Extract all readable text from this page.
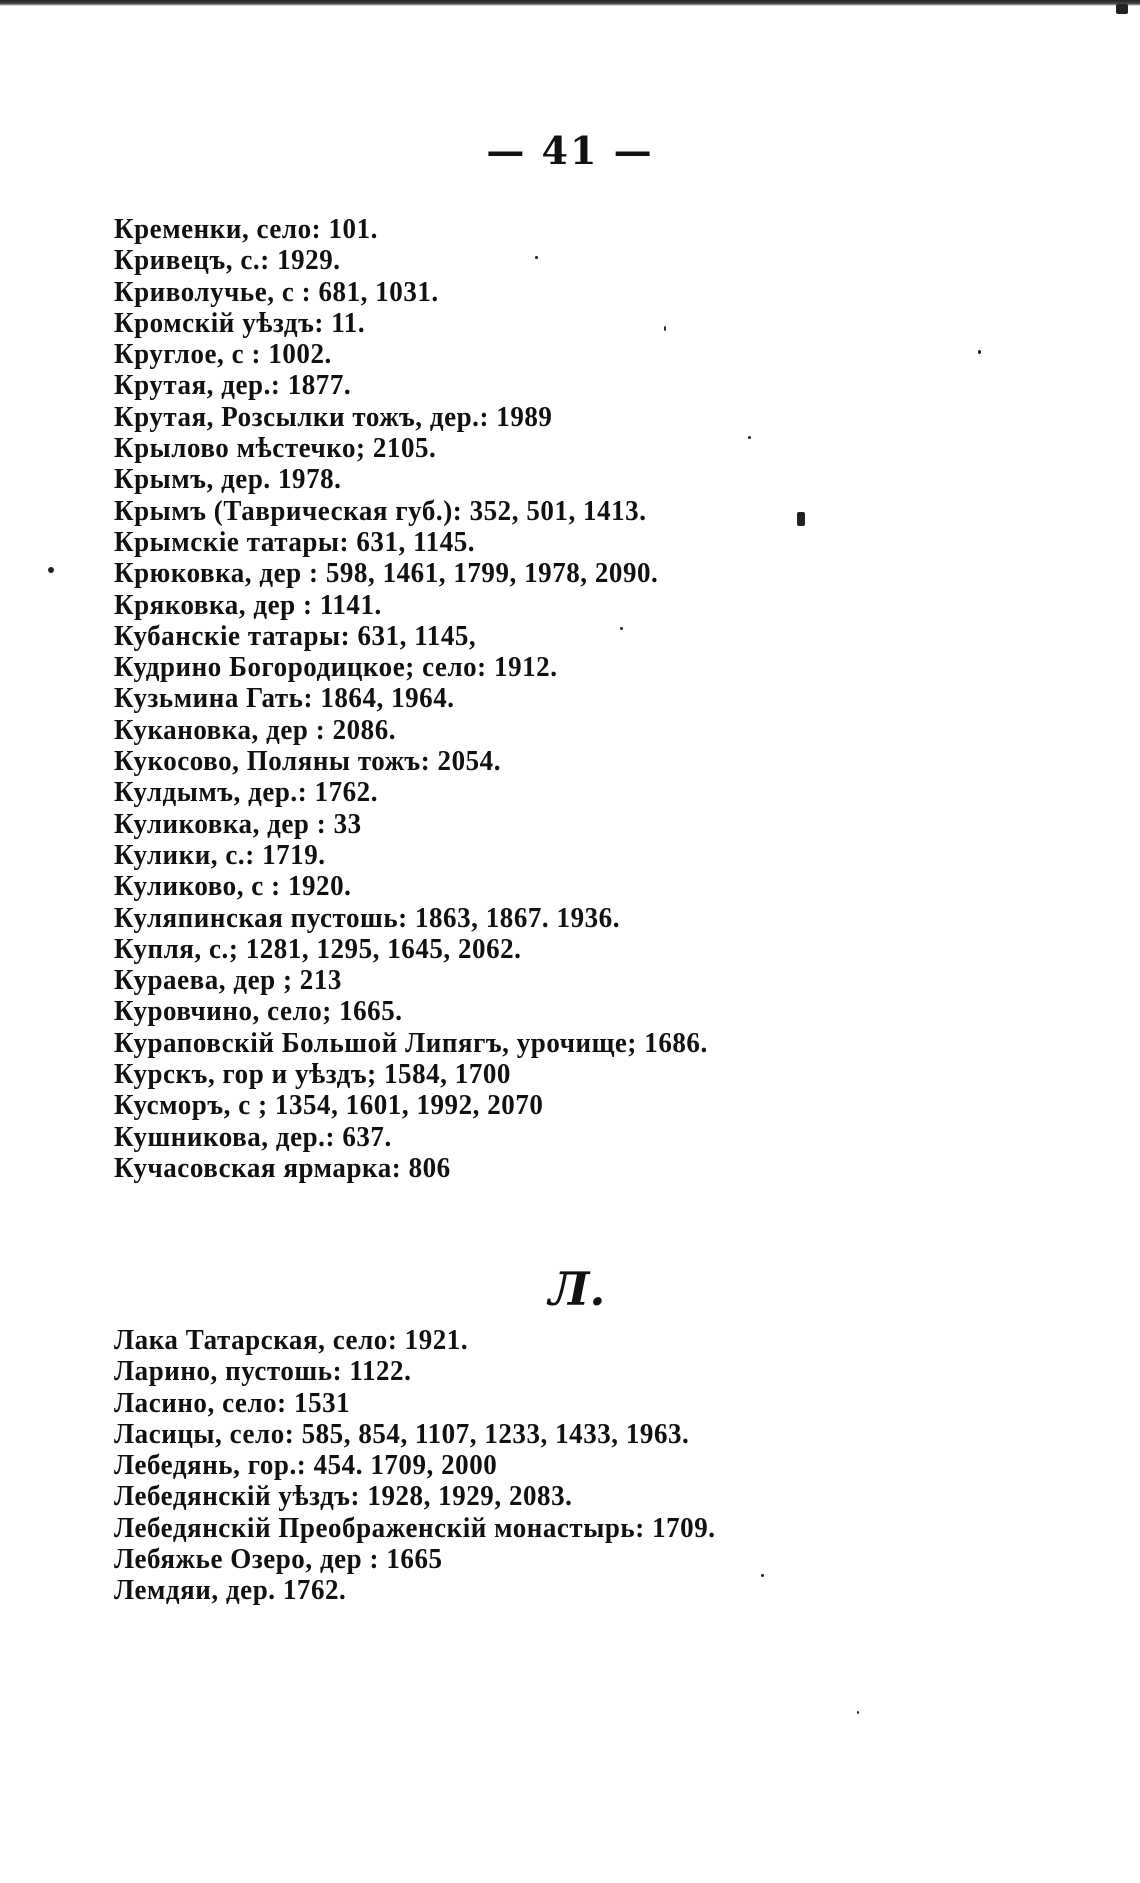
— 41 —
Кременки, село: 101.
Кривецъ, с.: 1929.
Криволучье, с : 681, 1031.
Кромскій уѣздъ: 11.
Круглое, с : 1002.
Крутая, дер.: 1877.
Крутая, Розсылки тожъ, дер.: 1989
Крылово мѣстечко; 2105.
Крымъ, дер. 1978.
Крымъ (Таврическая губ.): 352, 501, 1413.
Крымскіе татары: 631, 1145.
Крюковка, дер : 598, 1461, 1799, 1978, 2090.
Кряковка, дер : 1141.
Кубанскіе татары: 631, 1145,
Кудрино Богородицкое; село: 1912.
Кузьмина Гать: 1864, 1964.
Кукановка, дер : 2086.
Кукосово, Поляны тожъ: 2054.
Кулдымъ, дер.: 1762.
Куликовка, дер : 33
Кулики, с.: 1719.
Куликово, с : 1920.
Куляпинская пустошь: 1863, 1867. 1936.
Купля, с.; 1281, 1295, 1645, 2062.
Кураева, дер ; 213
Куровчино, село; 1665.
Кураповскій Большой Липягъ, урочище; 1686.
Курскъ, гор и уѣздъ; 1584, 1700
Кусморъ, с ; 1354, 1601, 1992, 2070
Кушникова, дер.: 637.
Кучасовская ярмарка: 806
Л.
Лака Татарская, село: 1921.
Ларино, пустошь: 1122.
Ласино, село: 1531
Ласицы, село: 585, 854, 1107, 1233, 1433, 1963.
Лебедянь, гор.: 454. 1709, 2000
Лебедянскій уѣздъ: 1928, 1929, 2083.
Лебедянскій Преображенскій монастырь: 1709.
Лебяжье Озеро, дер : 1665
Лемдяи, дер. 1762.
